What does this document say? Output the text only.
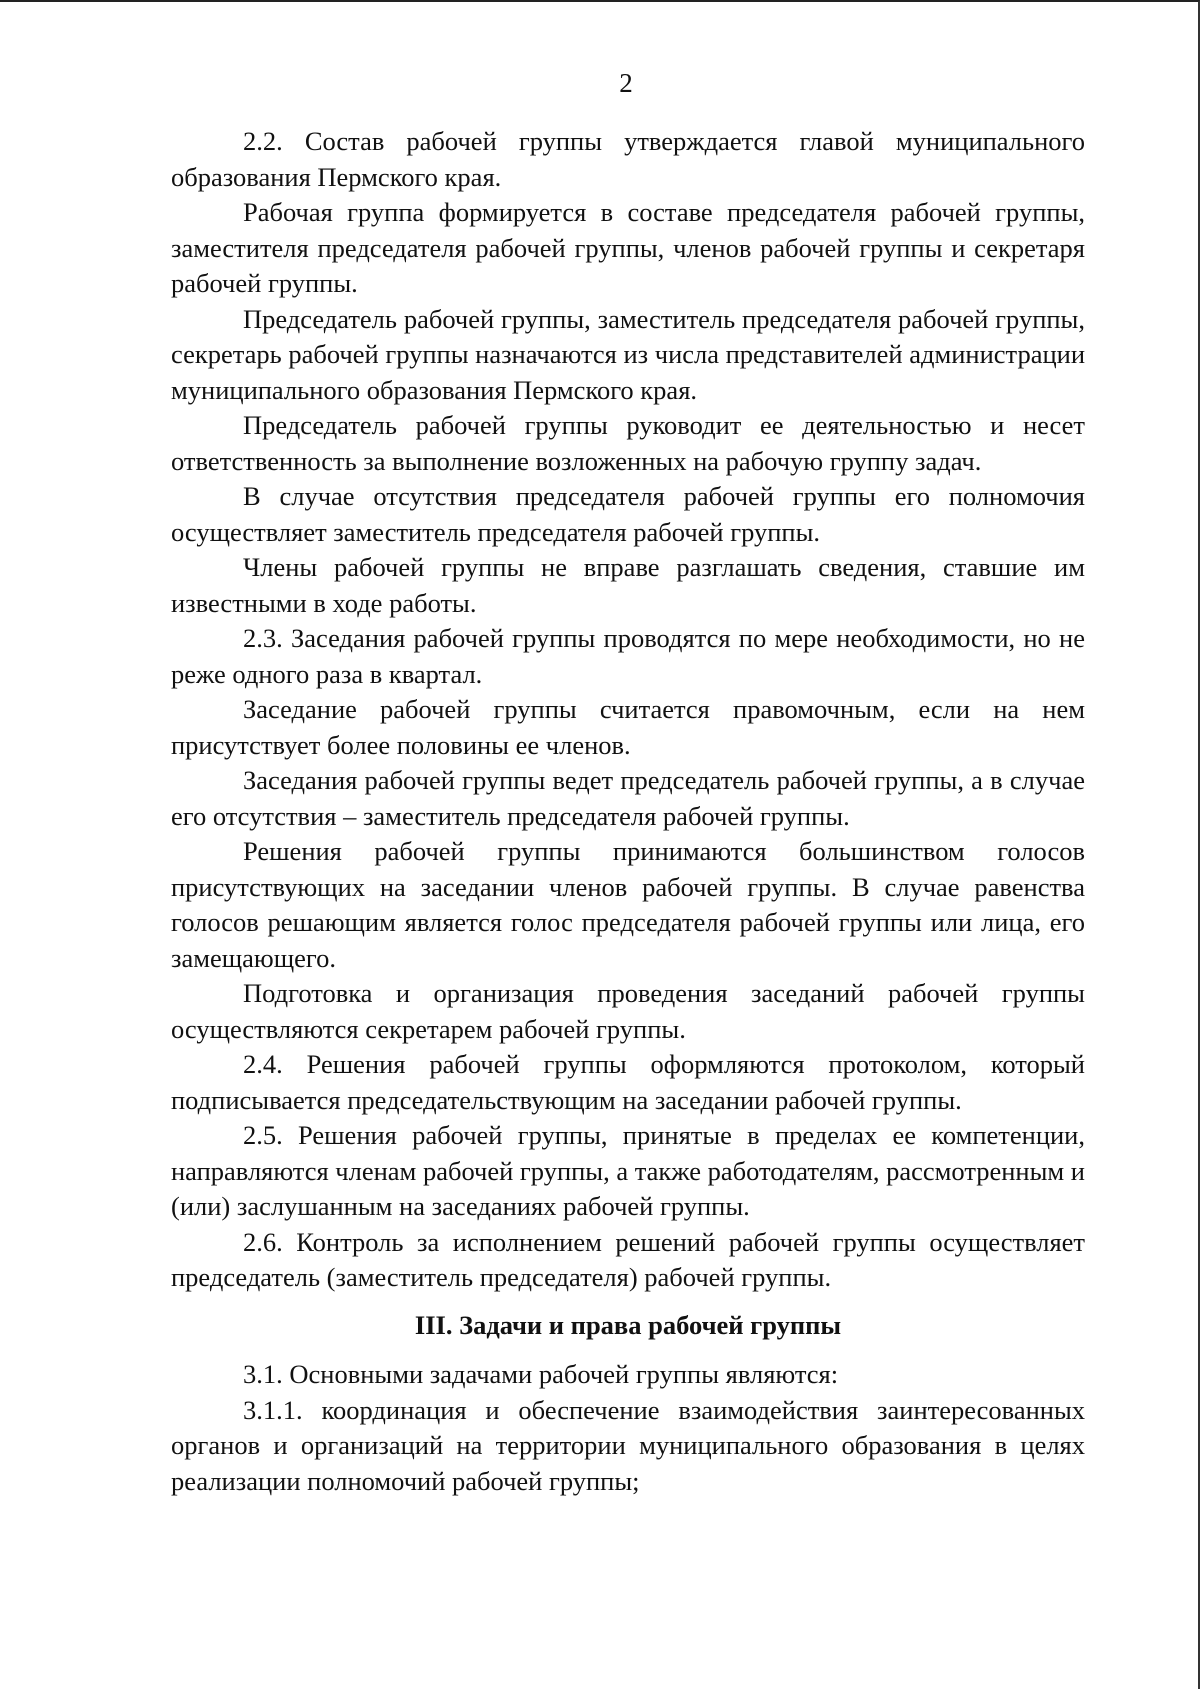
2

2.2. Состав рабочей группы утверждается главой муниципального образования Пермского края.

Рабочая группа формируется в составе председателя рабочей группы, заместителя председателя рабочей группы, членов рабочей группы и секретаря рабочей группы.

Председатель рабочей группы, заместитель председателя рабочей группы, секретарь рабочей группы назначаются из числа представителей администрации муниципального образования Пермского края.

Председатель рабочей группы руководит ее деятельностью и несет ответственность за выполнение возложенных на рабочую группу задач.

В случае отсутствия председателя рабочей группы его полномочия осуществляет заместитель председателя рабочей группы.

Члены рабочей группы не вправе разглашать сведения, ставшие им известными в ходе работы.

2.3. Заседания рабочей группы проводятся по мере необходимости, но не реже одного раза в квартал.

Заседание рабочей группы считается правомочным, если на нем присутствует более половины ее членов.

Заседания рабочей группы ведет председатель рабочей группы, а в случае его отсутствия – заместитель председателя рабочей группы.

Решения рабочей группы принимаются большинством голосов присутствующих на заседании членов рабочей группы. В случае равенства голосов решающим является голос председателя рабочей группы или лица, его замещающего.

Подготовка и организация проведения заседаний рабочей группы осуществляются секретарем рабочей группы.

2.4. Решения рабочей группы оформляются протоколом, который подписывается председательствующим на заседании рабочей группы.

2.5. Решения рабочей группы, принятые в пределах ее компетенции, направляются членам рабочей группы, а также работодателям, рассмотренным и (или) заслушанным на заседаниях рабочей группы.

2.6. Контроль за исполнением решений рабочей группы осуществляет председатель (заместитель председателя) рабочей группы.

III. Задачи и права рабочей группы

3.1. Основными задачами рабочей группы являются:

3.1.1. координация и обеспечение взаимодействия заинтересованных органов и организаций на территории муниципального образования в целях реализации полномочий рабочей группы;
